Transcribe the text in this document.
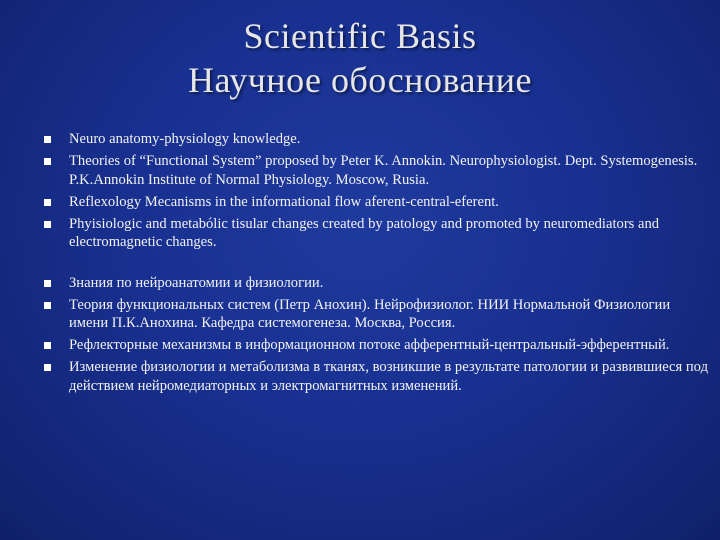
Scientific Basis
Научное обоснование
Neuro anatomy-physiology knowledge.
Theories of “Functional System” proposed by Peter K. Annokin. Neurophysiologist. Dept. Systemogenesis. P.K.Annokin Institute of Normal Physiology. Moscow, Rusia.
Reflexology Mecanisms in the informational flow aferent-central-eferent.
Phyisiologic and metabólic tisular changes created by patology and promoted by neuromediators and electromagnetic changes.
Знания по нейроанатомии и физиологии.
Теория функциональных систем (Петр Анохин). Нейрофизиолог. НИИ Нормальной Физиологии имени П.К.Анохина. Кафедра системогенеза. Москва, Россия.
Рефлекторные механизмы в информационном потоке афферентный-центральный-эфферентный.
Изменение физиологии и метаболизма в тканях, возникшие в результате патологии и развившиеся под действием нейромедиаторных и электромагнитных изменений.
